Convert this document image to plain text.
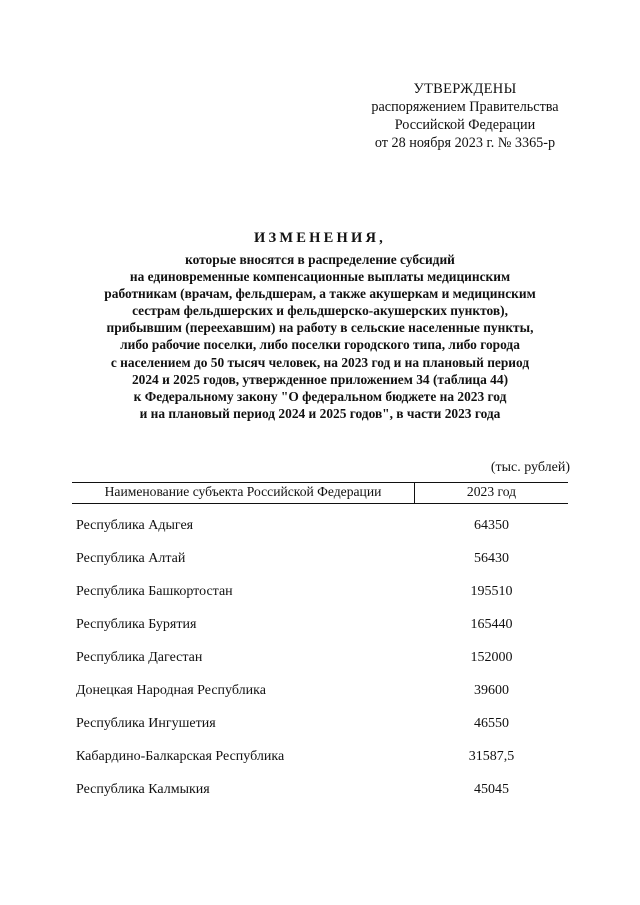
УТВЕРЖДЕНЫ
распоряжением Правительства
Российской Федерации
от 28 ноября 2023 г. № 3365-р
ИЗМЕНЕНИЯ,
которые вносятся в распределение субсидий
на единовременные компенсационные выплаты медицинским
работникам (врачам, фельдшерам, а также акушеркам и медицинским
сестрам фельдшерских и фельдшерско-акушерских пунктов),
прибывшим (переехавшим) на работу в сельские населенные пункты,
либо рабочие поселки, либо поселки городского типа, либо города
с населением до 50 тысяч человек, на 2023 год и на плановый период
2024 и 2025 годов, утвержденное приложением 34 (таблица 44)
к Федеральному закону "О федеральном бюджете на 2023 год
и на плановый период 2024 и 2025 годов", в части 2023 года
(тыс. рублей)
Наименование субъекта Российской Федерации	2023 год
Республика Адыгея	64350
Республика Алтай	56430
Республика Башкортостан	195510
Республика Бурятия	165440
Республика Дагестан	152000
Донецкая Народная Республика	39600
Республика Ингушетия	46550
Кабардино-Балкарская Республика	31587,5
Республика Калмыкия	45045
